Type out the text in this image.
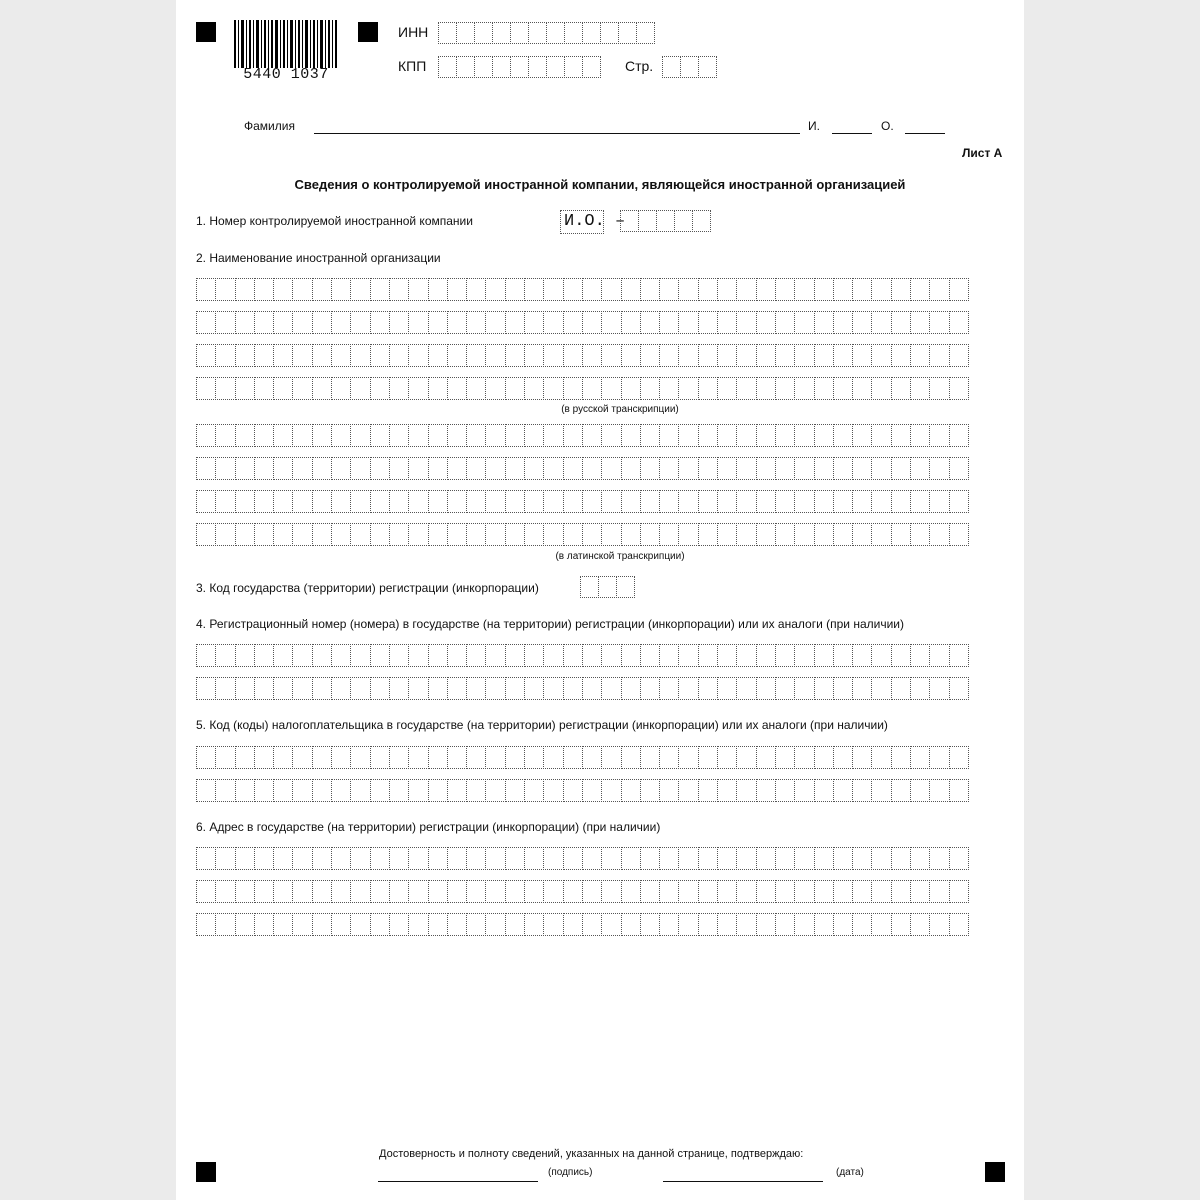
5440 1037
ИНН
КПП	Стр.
Фамилия	И.	О.
Лист А
Сведения о контролируемой иностранной компании, являющейся иностранной организацией
1. Номер контролируемой иностранной компании	И.О. –
2. Наименование иностранной организации
(в русской транскрипции)
(в латинской транскрипции)
3. Код государства (территории) регистрации (инкорпорации)
4. Регистрационный номер (номера) в государстве (на территории) регистрации (инкорпорации) или их аналоги (при наличии)
5. Код (коды) налогоплательщика в государстве (на территории) регистрации (инкорпорации) или их аналоги (при наличии)
6. Адрес в государстве (на территории) регистрации (инкорпорации) (при наличии)
Достоверность и полноту сведений, указанных на данной странице, подтверждаю:
(подпись)	(дата)
